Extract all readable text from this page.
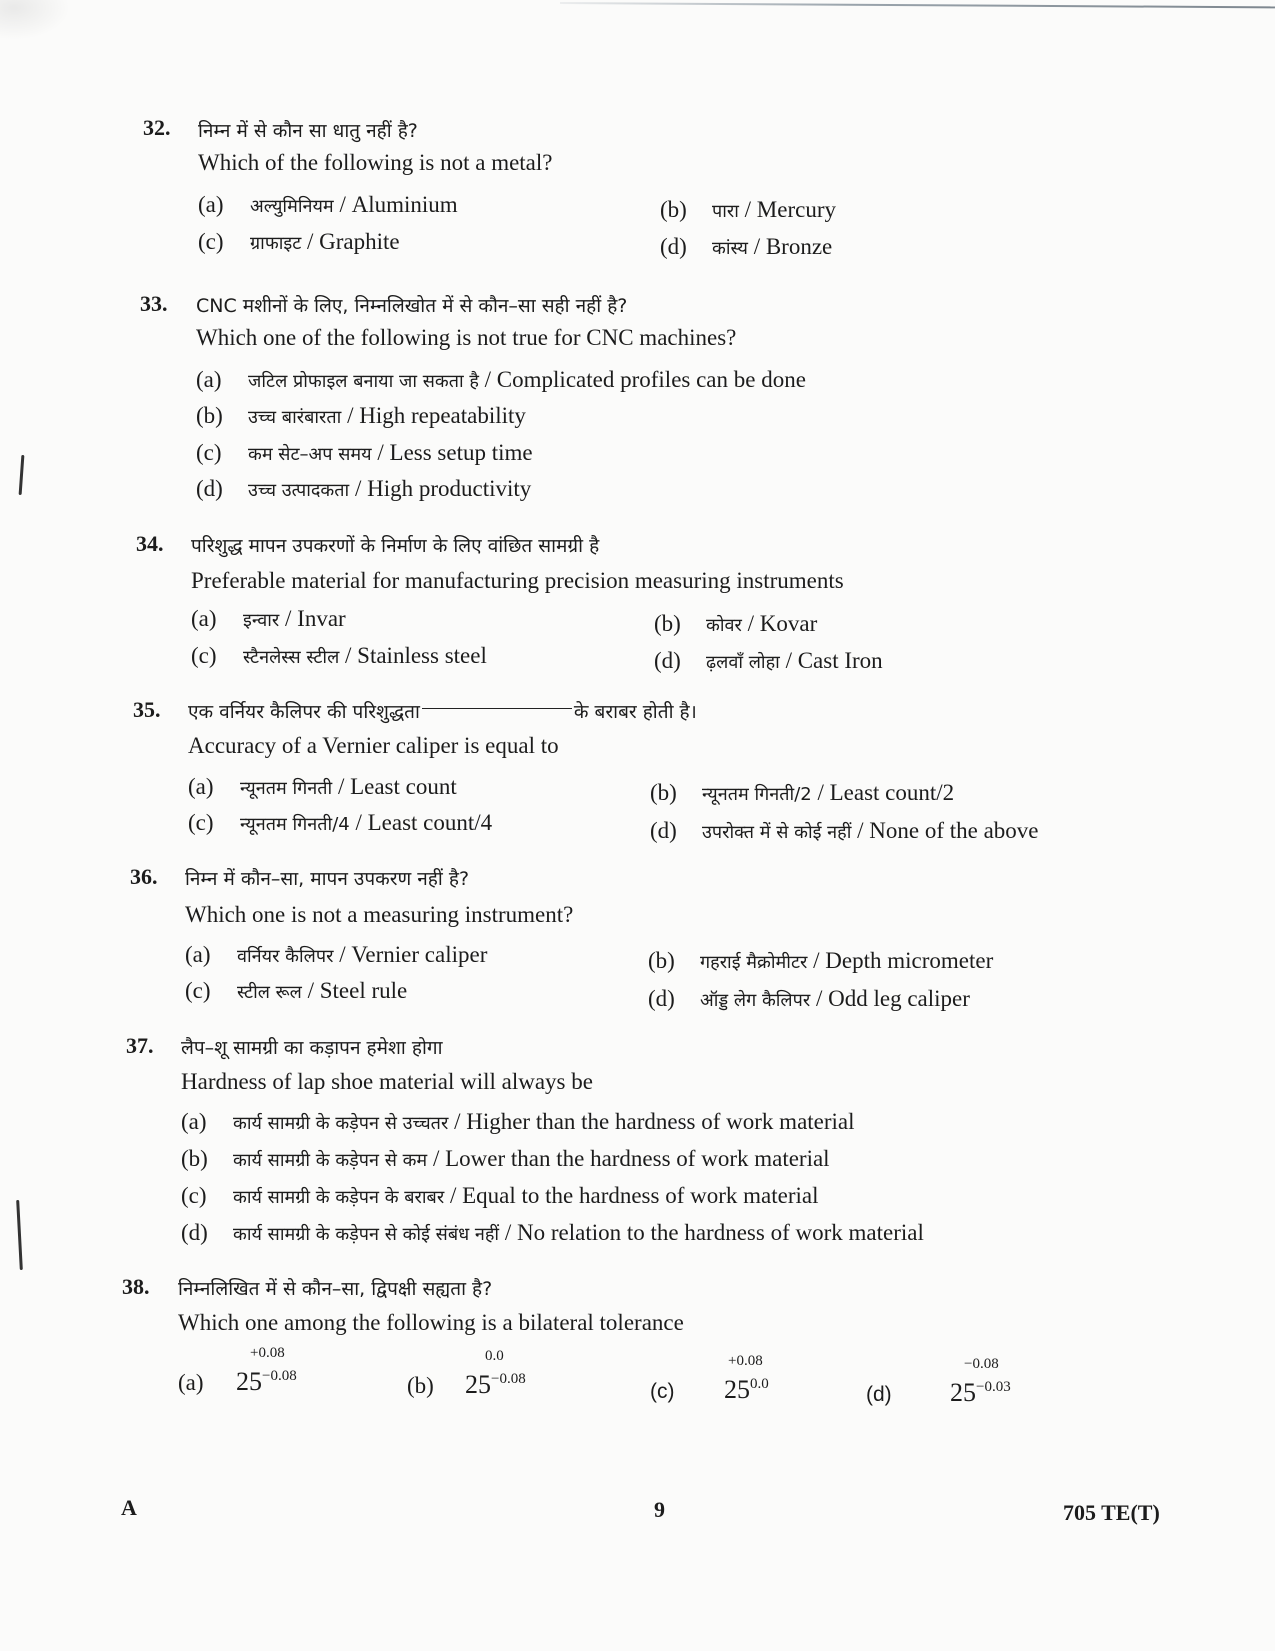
32. निम्न में से कौन सा धातु नहीं है?
Which of the following is not a metal?
(a) अल्युमिनियम / Aluminium	(b) पारा / Mercury
(c) ग्राफाइट / Graphite	(d) कांस्य / Bronze
33. CNC मशीनों के लिए, निम्नलिखोत में से कौन–सा सही नहीं है?
Which one of the following is not true for CNC machines?
(a) जटिल प्रोफाइल बनाया जा सकता है / Complicated profiles can be done
(b) उच्च बारंबारता / High repeatability
(c) कम सेट–अप समय / Less setup time
(d) उच्च उत्पादकता / High productivity
34. परिशुद्ध मापन उपकरणों के निर्माण के लिए वांछित सामग्री है
Preferable material for manufacturing precision measuring instruments
(a) इन्वार / Invar	(b) कोवर / Kovar
(c) स्टैनलेस्स स्टील / Stainless steel	(d) ढ़लवाँ लोहा / Cast Iron
35. एक वर्नियर कैलिपर की परिशुद्धता	के बराबर होती है।
Accuracy of a Vernier caliper is equal to
(a) न्यूनतम गिनती / Least count	(b) न्यूनतम गिनती/2 / Least count/2
(c) न्यूनतम गिनती/4 / Least count/4	(d) उपरोक्त में से कोई नहीं / None of the above
36. निम्न में कौन–सा, मापन उपकरण नहीं है?
Which one is not a measuring instrument?
(a) वर्नियर कैलिपर / Vernier caliper	(b) गहराई मैक्रोमीटर / Depth micrometer
(c) स्टील रूल / Steel rule	(d) ऑड्ड लेग कैलिपर / Odd leg caliper
37. लैप–शू सामग्री का कड़ापन हमेशा होगा
Hardness of lap shoe material will always be
(a) कार्य सामग्री के कड़ेपन से उच्चतर / Higher than the hardness of work material
(b) कार्य सामग्री के कड़ेपन से कम / Lower than the hardness of work material
(c) कार्य सामग्री के कड़ेपन के बराबर / Equal to the hardness of work material
(d) कार्य सामग्री के कड़ेपन से कोई संबंध नहीं / No relation to the hardness of work material
38. निम्नलिखित में से कौन–सा, द्विपक्षी सह्यता है?
Which one among the following is a bilateral tolerance
(a)
+0.08
$25^{-0.08}$	(b)
0.0
$25^{-0.08}$
(c)
+0.08
$25^{0.0}$	(d)
−0.08
$25^{-0.03}$
A	9	705 TE(T)
